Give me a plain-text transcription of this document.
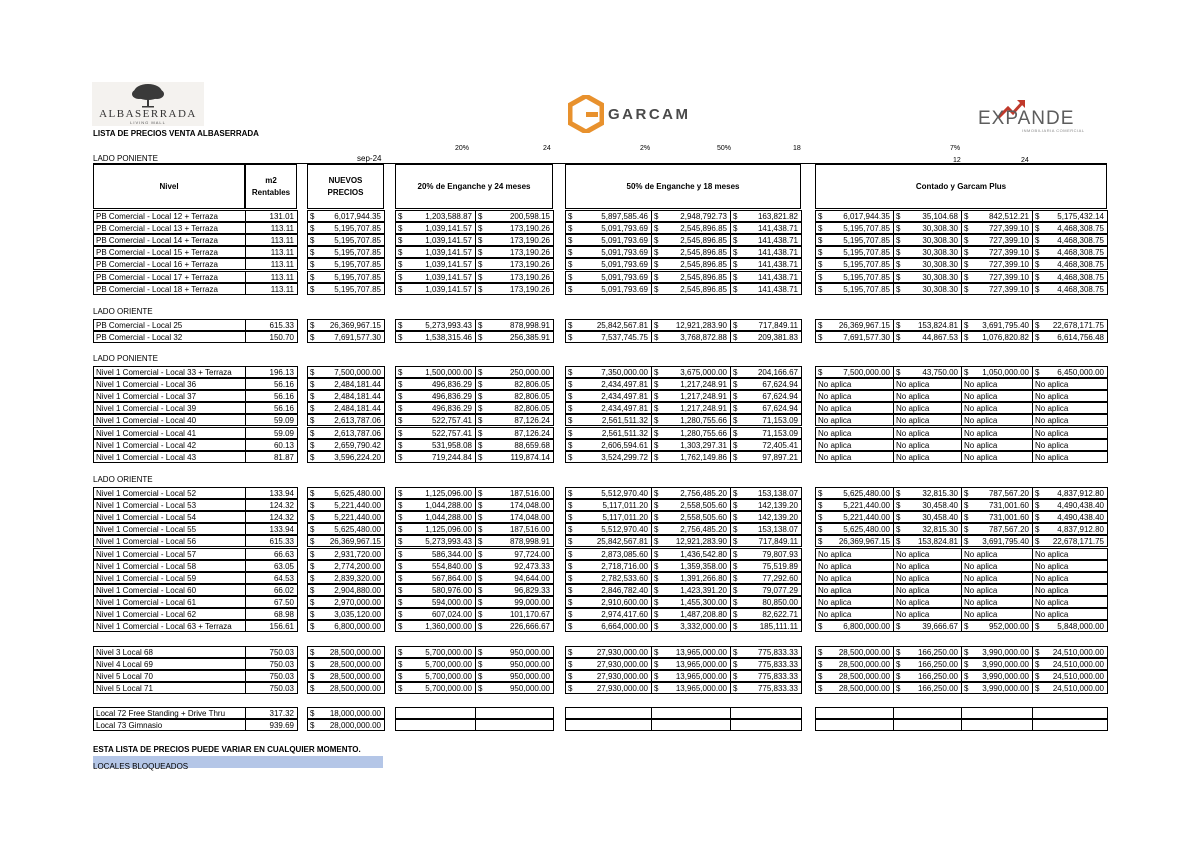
ALBASERRADA
LIVING MALL	GARCAM	EXPANDE
INMOBILIARIA COMERCIAL
LISTA DE PRECIOS VENTA ALBASERRADA
20%	24	2%	50%	18	7%
12	24
LADO PONIENTE	sep-24
Nivel
m2 Rentables
NUEVOS PRECIOS
20% de Enganche y 24 meses	50% de Enganche y 18 meses	Contado y Garcam Plus
PB Comercial - Local 12 + Terraza	131.01	$ 6,017,944.35 $	1,203,588.87 $	200,598.15 $	5,897,585.46 $	2,948,792.73 $	163,821.82	$	6,017,944.35 $	35,104.68 $	842,512.21 $ 5,175,432.14
PB Comercial - Local 13 + Terraza	113.11	$ 5,195,707.85 $	1,039,141.57 $	173,190.26 $	5,091,793.69 $	2,545,896.85 $	141,438.71	$	5,195,707.85 $	30,308.30 $	727,399.10 $ 4,468,308.75
PB Comercial - Local 14 + Terraza	113.11	$ 5,195,707.85 $	1,039,141.57 $	173,190.26 $	5,091,793.69 $	2,545,896.85 $	141,438.71	$	5,195,707.85 $	30,308.30 $	727,399.10 $ 4,468,308.75
PB Comercial - Local 15 + Terraza	113.11	$ 5,195,707.85 $	1,039,141.57 $	173,190.26 $	5,091,793.69 $	2,545,896.85 $	141,438.71	$	5,195,707.85 $	30,308.30 $	727,399.10 $ 4,468,308.75
PB Comercial - Local 16 + Terraza	113.11	$ 5,195,707.85 $	1,039,141.57 $	173,190.26 $	5,091,793.69 $	2,545,896.85 $	141,438.71	$	5,195,707.85 $	30,308.30 $	727,399.10 $ 4,468,308.75
PB Comercial - Local 17 + Terraza	113.11	$ 5,195,707.85 $	1,039,141.57 $	173,190.26 $	5,091,793.69 $	2,545,896.85 $	141,438.71	$	5,195,707.85 $	30,308.30 $	727,399.10 $ 4,468,308.75
PB Comercial - Local 18 + Terraza	113.11	$ 5,195,707.85 $	1,039,141.57 $	173,190.26 $	5,091,793.69 $	2,545,896.85 $	141,438.71	$	5,195,707.85 $	30,308.30 $	727,399.10 $ 4,468,308.75
LADO ORIENTE
PB Comercial - Local 25	615.33	$ 26,369,967.15 $	5,273,993.43 $	878,998.91 $	25,842,567.81 $ 12,921,283.90 $	717,849.11	$ 26,369,967.15 $ 153,824.81 $ 3,691,795.40 $ 22,678,171.75
PB Comercial - Local 32	150.70	$ 7,691,577.30 $	1,538,315.46 $	256,385.91 $	7,537,745.75 $	3,768,872.88 $	209,381.83	$	7,691,577.30 $	44,867.53 $ 1,076,820.82 $ 6,614,756.48
LADO PONIENTE
Nivel 1 Comercial - Local 33 + Terraza	196.13	$ 7,500,000.00 $	1,500,000.00 $	250,000.00 $	7,350,000.00 $	3,675,000.00 $	204,166.67	$	7,500,000.00 $	43,750.00 $ 1,050,000.00 $ 6,450,000.00
Nivel 1 Comercial - Local 36	56.16	$ 2,484,181.44 $	496,836.29 $	82,806.05 $	2,434,497.81 $	1,217,248.91 $	67,624.94	No aplica	No aplica	No aplica	No aplica
Nivel 1 Comercial - Local 37	56.16	$ 2,484,181.44 $	496,836.29 $	82,806.05 $	2,434,497.81 $	1,217,248.91 $	67,624.94	No aplica	No aplica	No aplica	No aplica
Nivel 1 Comercial - Local 39	56.16	$ 2,484,181.44 $	496,836.29 $	82,806.05 $	2,434,497.81 $	1,217,248.91 $	67,624.94	No aplica	No aplica	No aplica	No aplica
Nivel 1 Comercial - Local 40	59.09	$ 2,613,787.06 $	522,757.41 $	87,126.24 $	2,561,511.32 $	1,280,755.66 $	71,153.09	No aplica	No aplica	No aplica	No aplica
Nivel 1 Comercial - Local 41	59.09	$ 2,613,787.06 $	522,757.41 $	87,126.24 $	2,561,511.32 $	1,280,755.66 $	71,153.09	No aplica	No aplica	No aplica	No aplica
Nivel 1 Comercial - Local 42	60.13	$ 2,659,790.42 $	531,958.08 $	88,659.68 $	2,606,594.61 $	1,303,297.31 $	72,405.41	No aplica	No aplica	No aplica	No aplica
Nivel 1 Comercial - Local 43	81.87	$ 3,596,224.20 $	719,244.84 $	119,874.14 $	3,524,299.72 $	1,762,149.86 $	97,897.21	No aplica	No aplica	No aplica	No aplica
LADO ORIENTE
Nivel 1 Comercial - Local 52	133.94	$ 5,625,480.00 $	1,125,096.00 $	187,516.00 $	5,512,970.40 $	2,756,485.20 $	153,138.07	$	5,625,480.00 $	32,815.30 $	787,567.20 $ 4,837,912.80
Nivel 1 Comercial - Local 53	124.32	$ 5,221,440.00 $	1,044,288.00 $	174,048.00 $	5,117,011.20 $	2,558,505.60 $	142,139.20	$	5,221,440.00 $	30,458.40 $	731,001.60 $ 4,490,438.40
Nivel 1 Comercial - Local 54	124.32	$ 5,221,440.00 $	1,044,288.00 $	174,048.00 $	5,117,011.20 $	2,558,505.60 $	142,139.20	$	5,221,440.00 $	30,458.40 $	731,001.60 $ 4,490,438.40
Nivel 1 Comercial - Local 55	133.94	$ 5,625,480.00 $	1,125,096.00 $	187,516.00 $	5,512,970.40 $	2,756,485.20 $	153,138.07	$	5,625,480.00 $	32,815.30 $	787,567.20 $ 4,837,912.80
Nivel 1 Comercial - Local 56	615.33	$ 26,369,967.15 $	5,273,993.43 $	878,998.91 $	25,842,567.81 $ 12,921,283.90 $	717,849.11	$ 26,369,967.15 $ 153,824.81 $ 3,691,795.40 $ 22,678,171.75
Nivel 1 Comercial - Local 57	66.63	$ 2,931,720.00 $	586,344.00 $	97,724.00 $	2,873,085.60 $	1,436,542.80 $	79,807.93	No aplica	No aplica	No aplica	No aplica
Nivel 1 Comercial - Local 58	63.05	$ 2,774,200.00 $	554,840.00 $	92,473.33 $	2,718,716.00 $	1,359,358.00 $	75,519.89	No aplica	No aplica	No aplica	No aplica
Nivel 1 Comercial - Local 59	64.53	$ 2,839,320.00 $	567,864.00 $	94,644.00 $	2,782,533.60 $	1,391,266.80 $	77,292.60	No aplica	No aplica	No aplica	No aplica
Nivel 1 Comercial - Local 60	66.02	$ 2,904,880.00 $	580,976.00 $	96,829.33 $	2,846,782.40 $	1,423,391.20 $	79,077.29	No aplica	No aplica	No aplica	No aplica
Nivel 1 Comercial - Local 61	67.50	$ 2,970,000.00 $	594,000.00 $	99,000.00 $	2,910,600.00 $	1,455,300.00 $	80,850.00	No aplica	No aplica	No aplica	No aplica
Nivel 1 Comercial - Local 62	68.98	$ 3,035,120.00 $	607,024.00 $	101,170.67 $	2,974,417.60 $	1,487,208.80 $	82,622.71	No aplica	No aplica	No aplica	No aplica
Nivel 1 Comercial - Local 63 + Terraza	156.61	$ 6,800,000.00 $	1,360,000.00 $	226,666.67 $	6,664,000.00 $	3,332,000.00 $	185,111.11	$	6,800,000.00 $	39,666.67 $	952,000.00 $ 5,848,000.00
Nivel 3 Local 68	750.03	$ 28,500,000.00 $	5,700,000.00 $	950,000.00 $	27,930,000.00 $ 13,965,000.00 $	775,833.33	$ 28,500,000.00 $ 166,250.00 $ 3,990,000.00 $ 24,510,000.00
Nivel 4 Local 69	750.03	$ 28,500,000.00 $	5,700,000.00 $	950,000.00 $	27,930,000.00 $ 13,965,000.00 $	775,833.33	$ 28,500,000.00 $ 166,250.00 $ 3,990,000.00 $ 24,510,000.00
Nivel 5 Local 70	750.03	$ 28,500,000.00 $	5,700,000.00 $	950,000.00 $	27,930,000.00 $ 13,965,000.00 $	775,833.33	$ 28,500,000.00 $ 166,250.00 $ 3,990,000.00 $ 24,510,000.00
Nivel 5 Local 71	750.03	$ 28,500,000.00 $	5,700,000.00 $	950,000.00 $	27,930,000.00 $ 13,965,000.00 $	775,833.33	$ 28,500,000.00 $ 166,250.00 $ 3,990,000.00 $ 24,510,000.00
Local 72 Free Standing + Drive Thru	317.32	$ 18,000,000.00
Local 73 Gimnasio	939.69	$ 28,000,000.00
ESTA LISTA DE PRECIOS PUEDE VARIAR EN CUALQUIER MOMENTO.
LOCALES BLOQUEADOS
